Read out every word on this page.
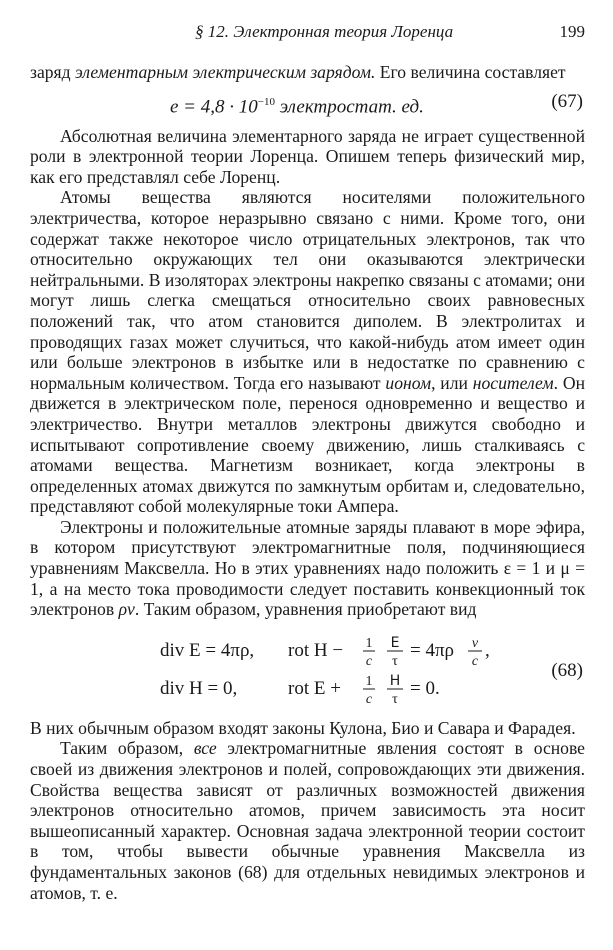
§ 12. Электронная теория Лоренца	199

заряд элементарным электрическим зарядом. Его величина составляет

$e = 4,8 \cdot 10^{-10}$ электростат. ед.	(67)

Абсолютная величина элементарного заряда не играет существенной роли в электронной теории Лоренца. Опишем теперь физический мир, как его представлял себе Лоренц.

Атомы вещества являются носителями положительного электричества, которое неразрывно связано с ними. Кроме того, они содержат также некоторое число отрицательных электронов, так что относительно окружающих тел они оказываются электрически нейтральными. В изоляторах электроны накрепко связаны с атомами; они могут лишь слегка смещаться относительно своих равновесных положений так, что атом становится диполем. В электролитах и проводящих газах может случиться, что какой-нибудь атом имеет один или больше электронов в избытке или в недостатке по сравнению с нормальным количеством. Тогда его называют ионом, или носителем. Он движется в электрическом поле, перенося одновременно и вещество и электричество. Внутри металлов электроны движутся свободно и испытывают сопротивление своему движению, лишь сталкиваясь с атомами вещества. Магнетизм возникает, когда электроны в определенных атомах движутся по замкнутым орбитам и, следовательно, представляют собой молекулярные токи Ампера.

Электроны и положительные атомные заряды плавают в море эфира, в котором присутствуют электромагнитные поля, подчиняющиеся уравнениям Максвелла. Но в этих уравнениях надо положить ε = 1 и μ = 1, а на место тока проводимости следует поставить конвекционный ток электронов ρv. Таким образом, уравнения приобретают вид

div E = 4πρ, rot H − 1
c
E
τ
= 4πρ v
c
,
div H = 0,	rot E + 1
c
H
τ
= 0.
(68)

В них обычным образом входят законы Кулона, Био и Савара и Фарадея.

Таким образом, все электромагнитные явления состоят в основе своей из движения электронов и полей, сопровождающих эти движения. Свойства вещества зависят от различных возможностей движения электронов относительно атомов, причем зависимость эта носит вышеописанный характер. Основная задача электронной теории состоит в том, чтобы вывести обычные уравнения Максвелла из фундаментальных законов (68) для отдельных невидимых электронов и атомов, т. е.
